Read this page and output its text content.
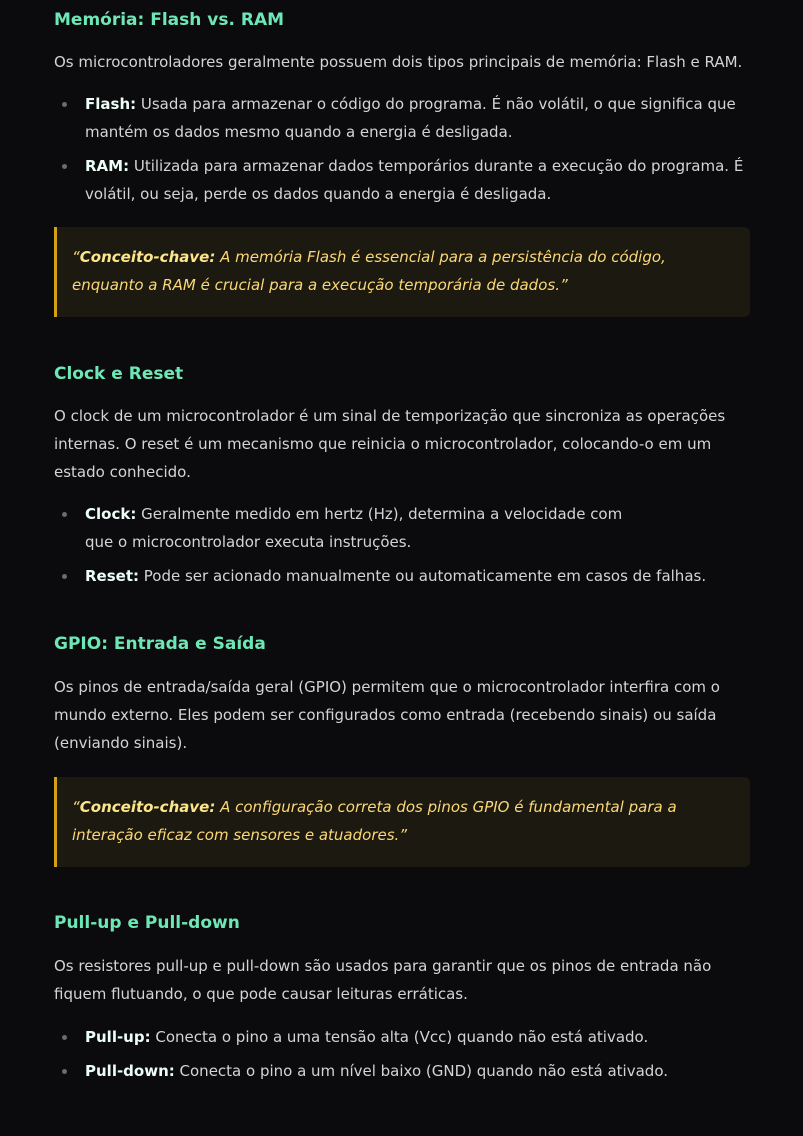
Memória: Flash vs. RAM

Os microcontroladores geralmente possuem dois tipos principais de memória: Flash e RAM.

Flash: Usada para armazenar o código do programa. É não volátil, o que significa que mantém os dados mesmo quando a energia é desligada.
RAM: Utilizada para armazenar dados temporários durante a execução do programa. É volátil, ou seja, perde os dados quando a energia é desligada.
“Conceito-chave: A memória Flash é essencial para a persistência do código, enquanto a RAM é crucial para a execução temporária de dados.”
Clock e Reset

O clock de um microcontrolador é um sinal de temporização que sincroniza as operações internas. O reset é um mecanismo que reinicia o microcontrolador, colocando-o em um estado conhecido.

Clock: Geralmente medido em hertz (Hz), determina a velocidade com que o microcontrolador executa instruções.
Reset: Pode ser acionado manualmente ou automaticamente em casos de falhas.
GPIO: Entrada e Saída

Os pinos de entrada/saída geral (GPIO) permitem que o microcontrolador interfira com o mundo externo. Eles podem ser configurados como entrada (recebendo sinais) ou saída (enviando sinais).

“Conceito-chave: A configuração correta dos pinos GPIO é fundamental para a interação eficaz com sensores e atuadores.”
Pull-up e Pull-down

Os resistores pull-up e pull-down são usados para garantir que os pinos de entrada não fiquem flutuando, o que pode causar leituras erráticas.

Pull-up: Conecta o pino a uma tensão alta (Vcc) quando não está ativado.
Pull-down: Conecta o pino a um nível baixo (GND) quando não está ativado.
